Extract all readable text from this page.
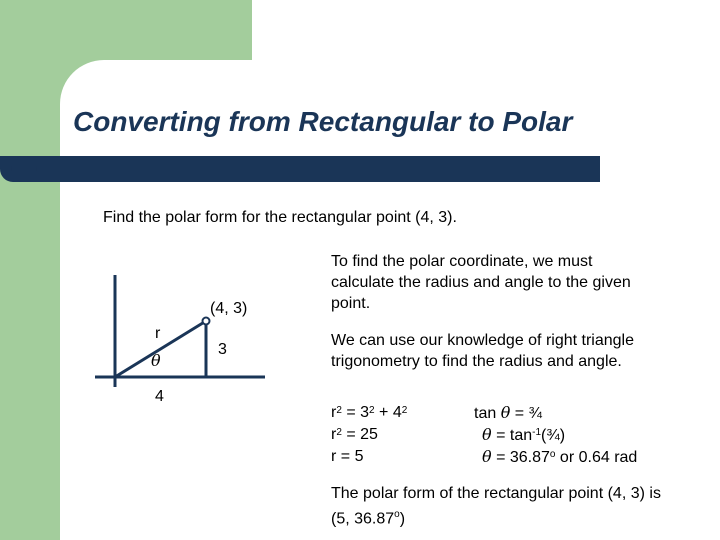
Converting from Rectangular to Polar
Find the polar form for the rectangular point (4, 3).
(4, 3)
r
θ
3
4
To find the polar coordinate, we must calculate the radius and angle to the given point.
We can use our knowledge of right triangle trigonometry to find the radius and angle.
$r^2 = 3^2 + 4^2$
$r^2 = 25$
r = 5
tan θ = ¾
$\theta = \tan^{-1}(\frac{3}{4})$
$\theta = 36.87^o$ or 0.64 rad
The polar form of the rectangular point (4, 3) is (5, 36.87$^o$)
